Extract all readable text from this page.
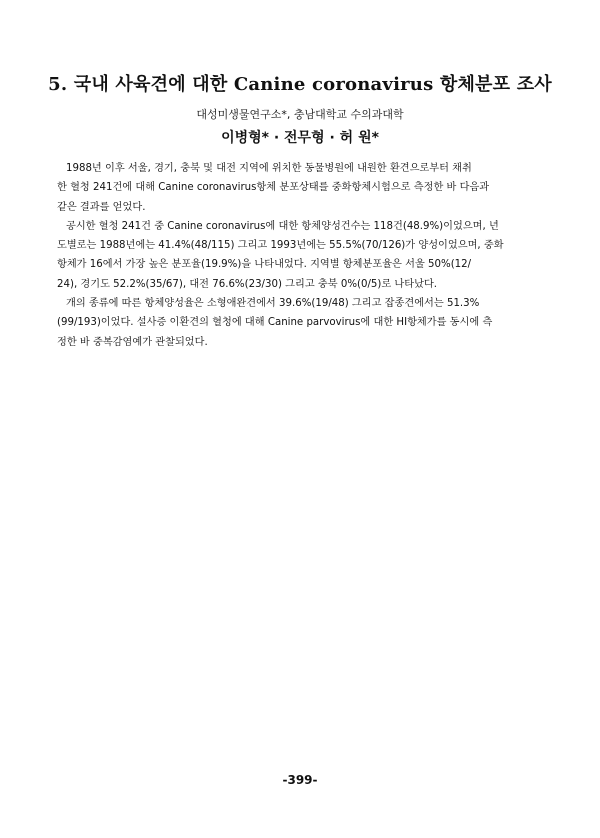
5. 국내 사육견에 대한 Canine coronavirus 항체분포 조사
대성미생물연구소*, 충남대학교 수의과대학
이병형* · 전무형 · 허 원*
1988년 이후 서울, 경기, 충북 및 대전 지역에 위치한 동물병원에 내원한 환견으로부터 채취
한 혈청 241건에 대해 Canine coronavirus항체 분포상태를 중화항체시험으로 측정한 바 다음과
같은 결과를 얻었다.
공시한 혈청 241건 중 Canine coronavirus에 대한 항체양성건수는 118건(48.9%)이었으며, 년
도별로는 1988년에는 41.4%(48/115) 그리고 1993년에는 55.5%(70/126)가 양성이었으며, 중화
항체가 16에서 가장 높은 분포율(19.9%)을 나타내었다. 지역별 항체분포율은 서울 50%(12/
24), 경기도 52.2%(35/67), 대전 76.6%(23/30) 그리고 충북 0%(0/5)로 나타났다.
개의 종류에 따른 항체양성율은 소형애완견에서 39.6%(19/48) 그리고 잡종견에서는 51.3%
(99/193)이었다. 설사증 이환견의 혈청에 대해 Canine parvovirus에 대한 HI항체가를 동시에 측
정한 바 중복감염예가 관찰되었다.
-399-
